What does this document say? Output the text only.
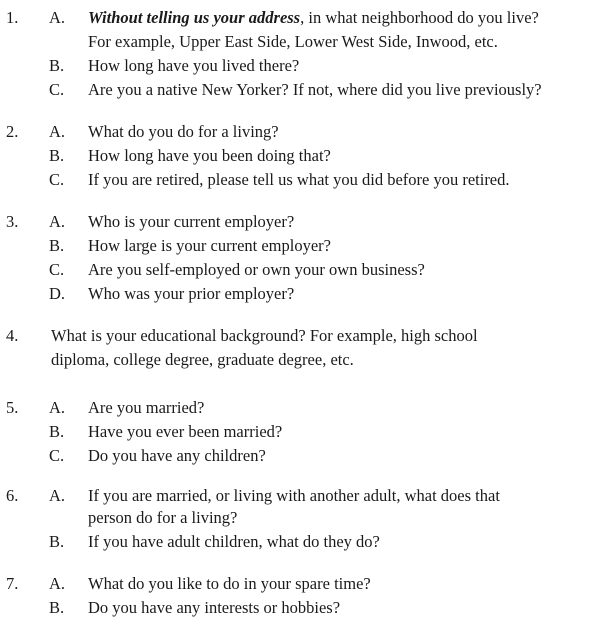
1. A. Without telling us your address, in what neighborhood do you live?
For example, Upper East Side, Lower West Side, Inwood, etc.
B. How long have you lived there?
C. Are you a native New Yorker? If not, where did you live previously?
2. A. What do you do for a living?
B. How long have you been doing that?
C. If you are retired, please tell us what you did before you retired.
3. A. Who is your current employer?
B. How large is your current employer?
C. Are you self-employed or own your own business?
D. Who was your prior employer?
4. What is your educational background? For example, high school
diploma, college degree, graduate degree, etc.
5. A. Are you married?
B. Have you ever been married?
C. Do you have any children?
6. A. If you are married, or living with another adult, what does that
person do for a living?
B. If you have adult children, what do they do?
7. A. What do you like to do in your spare time?
B. Do you have any interests or hobbies?
